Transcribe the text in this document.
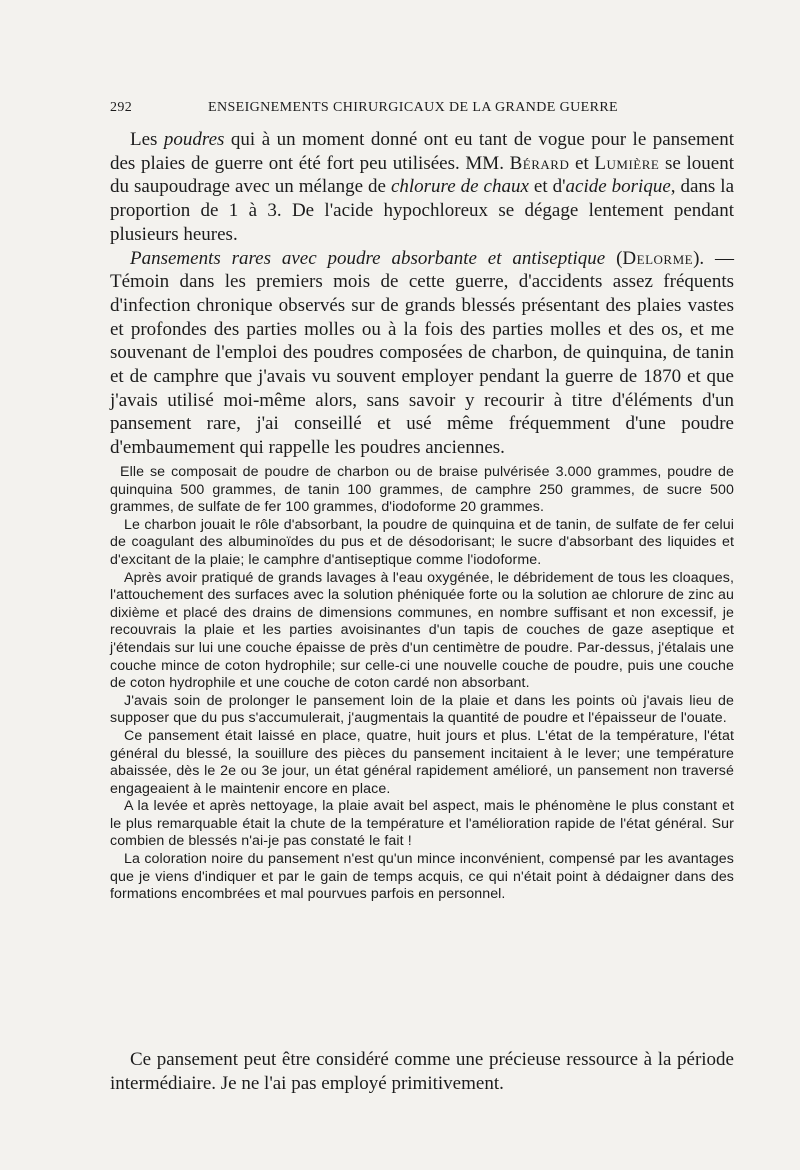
292	ENSEIGNEMENTS CHIRURGICAUX DE LA GRANDE GUERRE

Les poudres qui à un moment donné ont eu tant de vogue pour le pansement des plaies de guerre ont été fort peu utilisées. MM. Bérard et Lumière se louent du saupoudrage avec un mélange de chlorure de chaux et d'acide borique, dans la proportion de 1 à 3. De l'acide hypochloreux se dégage lentement pendant plusieurs heures.

Pansements rares avec poudre absorbante et antiseptique (Delorme). — Témoin dans les premiers mois de cette guerre, d'accidents assez fréquents d'infection chronique observés sur de grands blessés présentant des plaies vastes et profondes des parties molles ou à la fois des parties molles et des os, et me souvenant de l'emploi des poudres composées de charbon, de quinquina, de tanin et de camphre que j'avais vu souvent employer pendant la guerre de 1870 et que j'avais utilisé moi-même alors, sans savoir y recourir à titre d'éléments d'un pansement rare, j'ai conseillé et usé même fréquemment d'une poudre d'embaumement qui rappelle les poudres anciennes.

Elle se composait de poudre de charbon ou de braise pulvérisée 3.000 grammes, poudre de quinquina 500 grammes, de tanin 100 grammes, de camphre 250 grammes, de sucre 500 grammes, de sulfate de fer 100 grammes, d'iodoforme 20 grammes.

Le charbon jouait le rôle d'absorbant, la poudre de quinquina et de tanin, de sulfate de fer celui de coagulant des albuminoïdes du pus et de désodorisant; le sucre d'absorbant des liquides et d'excitant de la plaie; le camphre d'antiseptique comme l'iodoforme.

Après avoir pratiqué de grands lavages à l'eau oxygénée, le débridement de tous les cloaques, l'attouchement des surfaces avec la solution phéniquée forte ou la solution ae chlorure de zinc au dixième et placé des drains de dimensions communes, en nombre suffisant et non excessif, je recouvrais la plaie et les parties avoisinantes d'un tapis de couches de gaze aseptique et j'étendais sur lui une couche épaisse de près d'un centimètre de poudre. Par-dessus, j'étalais une couche mince de coton hydrophile; sur celle-ci une nouvelle couche de poudre, puis une couche de coton hydrophile et une couche de coton cardé non absorbant.

J'avais soin de prolonger le pansement loin de la plaie et dans les points où j'avais lieu de supposer que du pus s'accumulerait, j'augmentais la quantité de poudre et l'épaisseur de l'ouate.

Ce pansement était laissé en place, quatre, huit jours et plus. L'état de la température, l'état général du blessé, la souillure des pièces du pansement incitaient à le lever; une température abaissée, dès le 2e ou 3e jour, un état général rapidement amélioré, un pansement non traversé engageaient à le maintenir encore en place.

A la levée et après nettoyage, la plaie avait bel aspect, mais le phénomène le plus constant et le plus remarquable était la chute de la température et l'amélioration rapide de l'état général. Sur combien de blessés n'ai-je pas constaté le fait !

La coloration noire du pansement n'est qu'un mince inconvénient, compensé par les avantages que je viens d'indiquer et par le gain de temps acquis, ce qui n'était point à dédaigner dans des formations encombrées et mal pourvues parfois en personnel.

Ce pansement peut être considéré comme une précieuse ressource à la période intermédiaire. Je ne l'ai pas employé primitivement.
